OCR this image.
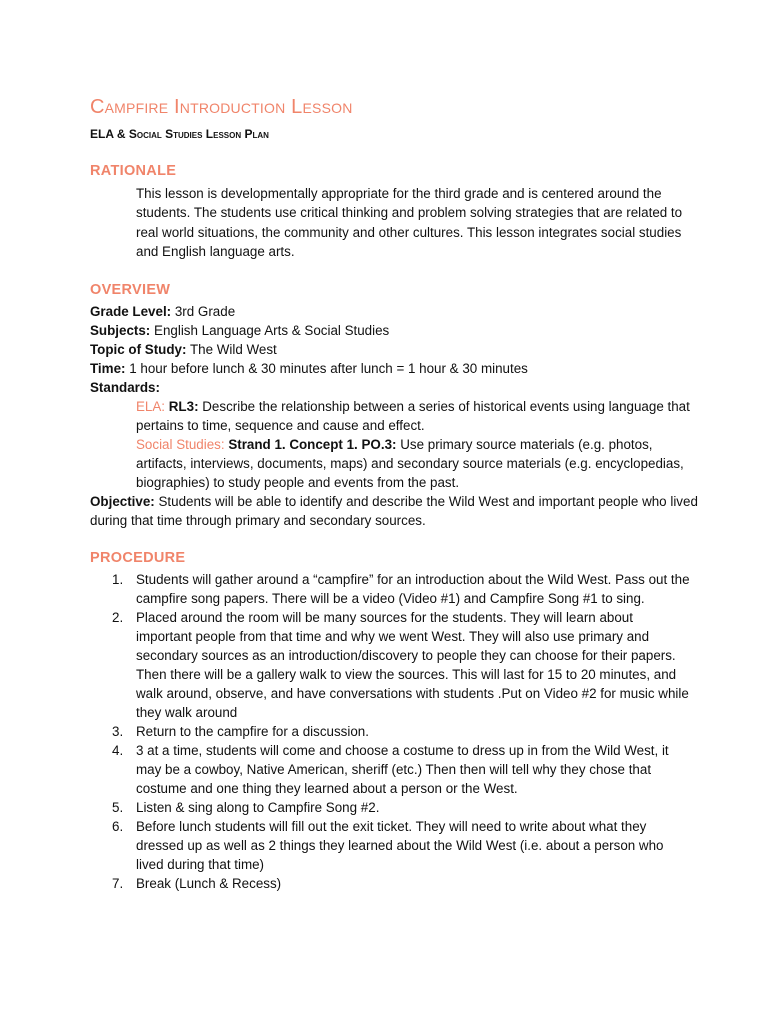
Campfire Introduction Lesson
ELA & Social Studies Lesson Plan
RATIONALE

This lesson is developmentally appropriate for the third grade and is centered around the students. The students use critical thinking and problem solving strategies that are related to real world situations, the community and other cultures. This lesson integrates social studies and English language arts.

OVERVIEW
Grade Level: 3rd Grade
Subjects: English Language Arts & Social Studies
Topic of Study: The Wild West
Time: 1 hour before lunch & 30 minutes after lunch = 1 hour & 30 minutes
Standards:
ELA: RL3: Describe the relationship between a series of historical events using language that pertains to time, sequence and cause and effect.
Social Studies: Strand 1. Concept 1. PO.3: Use primary source materials (e.g. photos, artifacts, interviews, documents, maps) and secondary source materials (e.g. encyclopedias, biographies) to study people and events from the past.
Objective: Students will be able to identify and describe the Wild West and important people who lived during that time through primary and secondary sources.
PROCEDURE
1. Students will gather around a “campfire” for an introduction about the Wild West. Pass out the campfire song papers. There will be a video (Video #1) and Campfire Song #1 to sing.
2. Placed around the room will be many sources for the students. They will learn about important people from that time and why we went West. They will also use primary and secondary sources as an introduction/discovery to people they can choose for their papers. Then there will be a gallery walk to view the sources. This will last for 15 to 20 minutes, and walk around, observe, and have conversations with students .Put on Video #2 for music while they walk around
3. Return to the campfire for a discussion.
4. 3 at a time, students will come and choose a costume to dress up in from the Wild West, it may be a cowboy, Native American, sheriff (etc.) Then then will tell why they chose that costume and one thing they learned about a person or the West.
5. Listen & sing along to Campfire Song #2.
6. Before lunch students will fill out the exit ticket. They will need to write about what they dressed up as well as 2 things they learned about the Wild West (i.e. about a person who lived during that time)
7. Break (Lunch & Recess)
